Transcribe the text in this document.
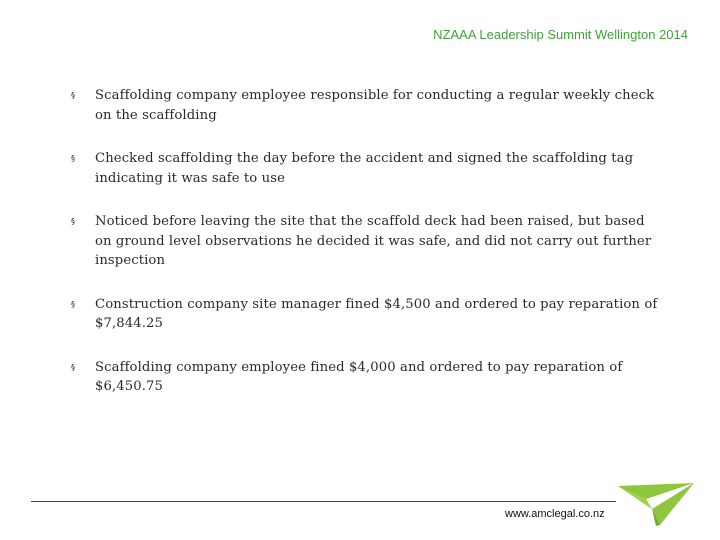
NZAAA Leadership Summit Wellington 2014
§	Scaffolding company employee responsible for conducting a regular weekly check on the scaffolding
§	Checked scaffolding the day before the accident and signed the scaffolding tag indicating it was safe to use
§	Noticed before leaving the site that the scaffold deck had been raised, but based on ground level observations he decided it was safe, and did not carry out further inspection
§	Construction company site manager fined $4,500 and ordered to pay reparation of $7,844.25
§	Scaffolding company employee fined $4,000 and ordered to pay reparation of $6,450.75
www.amclegal.co.nz
